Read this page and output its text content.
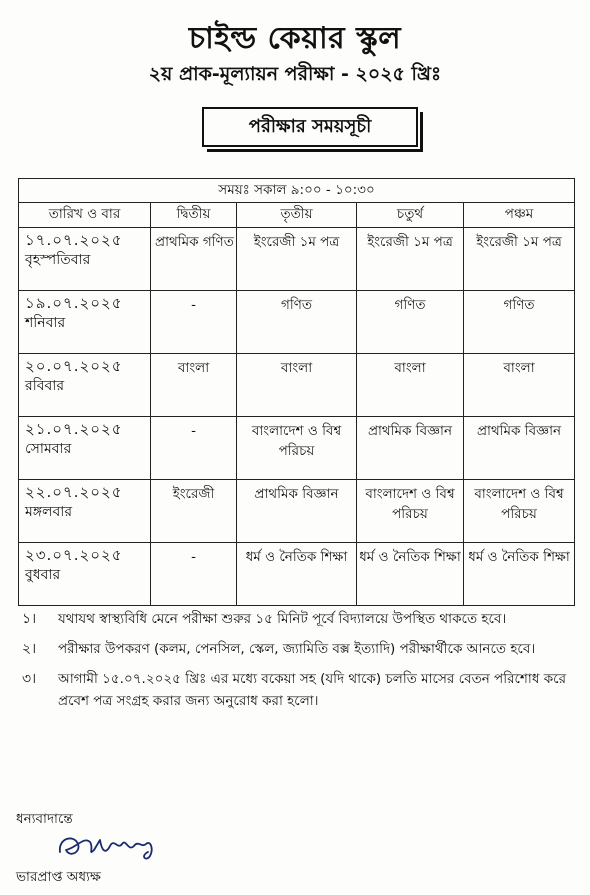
চাইল্ড কেয়ার স্কুল
২য় প্রাক-মূল্যায়ন পরীক্ষা - ২০২৫ খ্রিঃ
পরীক্ষার সময়সূচী
সময়ঃ সকাল ৯:০০ - ১০:৩০				
তারিখ ও বার	দ্বিতীয়	তৃতীয়	চতুর্থ	পঞ্চম

১৭.০৭.২০২৫
বৃহস্পতিবার	প্রাথমিক গণিত	ইংরেজী ১ম পত্র	ইংরেজী ১ম পত্র	ইংরেজী ১ম পত্র

১৯.০৭.২০২৫
শনিবার	-	গণিত	গণিত	গণিত

২০.০৭.২০২৫
রবিবার	বাংলা	বাংলা	বাংলা	বাংলা

২১.০৭.২০২৫
সোমবার	-	বাংলাদেশ ও বিশ্ব পরিচয়	প্রাথমিক বিজ্ঞান	প্রাথমিক বিজ্ঞান

২২.০৭.২০২৫
মঙ্গলবার	ইংরেজী	প্রাথমিক বিজ্ঞান	বাংলাদেশ ও বিশ্ব পরিচয়	বাংলাদেশ ও বিশ্ব পরিচয়

২৩.০৭.২০২৫
বুধবার	-	ধর্ম ও নৈতিক শিক্ষা	ধর্ম ও নৈতিক শিক্ষা	ধর্ম ও নৈতিক শিক্ষা
১।	যথাযথ স্বাস্থ্যবিধি মেনে পরীক্ষা শুরুর ১৫ মিনিট পূর্বে বিদ্যালয়ে উপস্থিত থাকতে হবে।
২।	পরীক্ষার উপকরণ (কলম, পেনসিল, স্কেল, জ্যামিতি বক্স ইত্যাদি) পরীক্ষার্থীকে আনতে হবে।
৩।	আগামী ১৫.০৭.২০২৫ খ্রিঃ এর মধ্যে বকেয়া সহ (যদি থাকে) চলতি মাসের বেতন পরিশোধ করে প্রবেশ পত্র সংগ্রহ করার জন্য অনুরোধ করা হলো।
ধন্যবাদান্তে
ভারপ্রাপ্ত অধ্যক্ষ
